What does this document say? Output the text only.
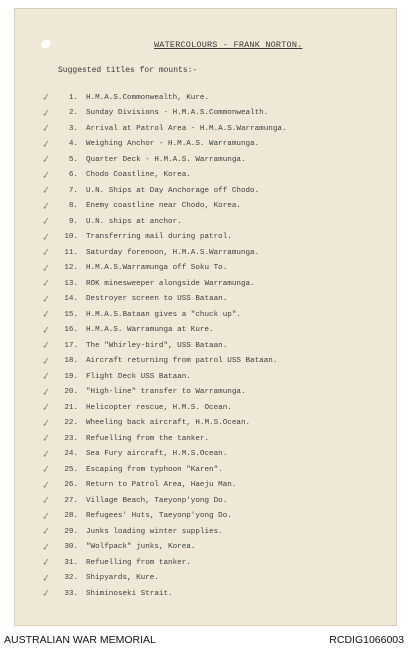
WATERCOLOURS - FRANK NORTON.
Suggested titles for mounts:-
✓	1. H.M.A.S.Commonwealth, Kure.
✓	2. Sunday Divisions - H.M.A.S.Commonwealth.
✓	3. Arrival at Patrol Area - H.M.A.S.Warramunga.
✓	4. Weighing Anchor - H.M.A.S. Warramunga.
✓	5. Quarter Deck - H.M.A.S. Warramunga.
✓	6. Chodo Coastline, Korea.
✓	7. U.N. Ships at Day Anchorage off Chodo.
✓	8. Enemy coastline near Chodo, Korea.
✓	9. U.N. ships at anchor.
✓	10. Transferring mail during patrol.
✓	11. Saturday forenoon, H.M.A.S.Warramunga.
✓	12. H.M.A.S.Warramunga off Soku To.
✓	13. ROK minesweeper alongside Warramunga.
✓	14. Destroyer screen to USS Bataan.
✓	15. H.M.A.S.Bataan gives a "chuck up".
✓	16. H.M.A.S. Warramunga at Kure.
✓	17. The "Whirley-bird", USS Bataan.
✓	18. Aircraft returning from patrol USS Bataan.
✓	19. Flight Deck USS Bataan.
✓	20. "High-line" transfer to Warramunga.
✓	21. Helicopter rescue, H.M.S. Ocean.
✓	22. Wheeling back aircraft, H.M.S.Ocean.
✓	23. Refuelling from the tanker.
✓	24. Sea Fury aircraft, H.M.S.Ocean.
✓	25. Escaping from typhoon "Karen".
✓	26. Return to Patrol Area, Haeju Man.
✓	27. Village Beach, Taeyonp'yong Do.
✓	28. Refugees' Huts, Taeyonp'yong Do.
✓	29. Junks loading winter supplies.
✓	30. "Wolfpack" junks, Korea.
✓	31. Refuelling from tanker.
✓	32. Shipyards, Kure.
✓	33. Shiminoseki Strait.
AUSTRALIAN WAR MEMORIAL	RCDIG1066003
